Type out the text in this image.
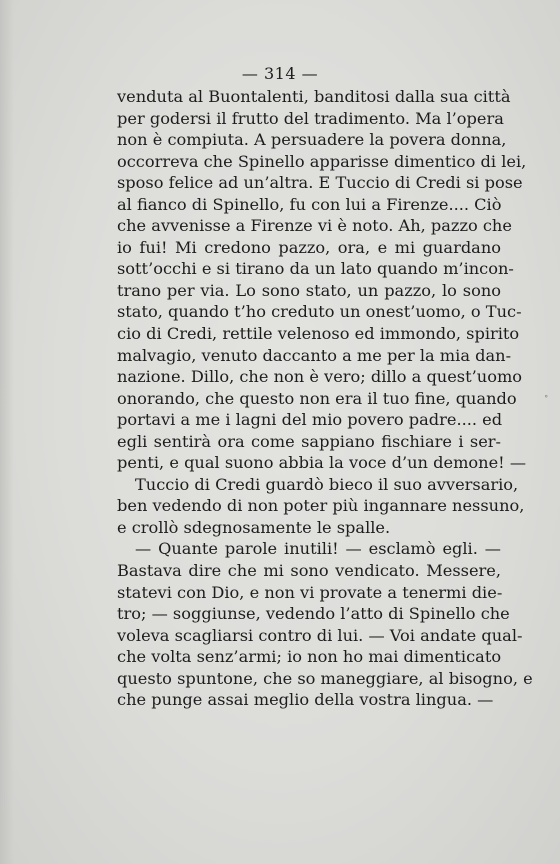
— 314 —
venduta al Buontalenti, banditosi dalla sua città
per godersi il frutto del tradimento. Ma l’opera
non è compiuta. A persuadere la povera donna,
occorreva che Spinello apparisse dimentico di lei,
sposo felice ad un’altra. E Tuccio di Credi si pose
al fianco di Spinello, fu con lui a Firenze.... Ciò
che avvenisse a Firenze vi è noto. Ah, pazzo che
io fui! Mi credono pazzo, ora, e mi guardano
sott’occhi e si tirano da un lato quando m’incon-
trano per via. Lo sono stato, un pazzo, lo sono
stato, quando t’ho creduto un onest’uomo, o Tuc-
cio di Credi, rettile velenoso ed immondo, spirito
malvagio, venuto daccanto a me per la mia dan-
nazione. Dillo, che non è vero; dillo a quest’uomo
onorando, che questo non era il tuo fine, quando
portavi a me i lagni del mio povero padre.... ed
egli sentirà ora come sappiano fischiare i ser-
penti, e qual suono abbia la voce d’un demone! —
Tuccio di Credi guardò bieco il suo avversario,
ben vedendo di non poter più ingannare nessuno,
e crollò sdegnosamente le spalle.
— Quante parole inutili! — esclamò egli. —
Bastava dire che mi sono vendicato. Messere,
statevi con Dio, e non vi provate a tenermi die-
tro; — soggiunse, vedendo l’atto di Spinello che
voleva scagliarsi contro di lui. — Voi andate qual-
che volta senz’armi; io non ho mai dimenticato
questo spuntone, che so maneggiare, al bisogno, e
che punge assai meglio della vostra lingua. —
∘
